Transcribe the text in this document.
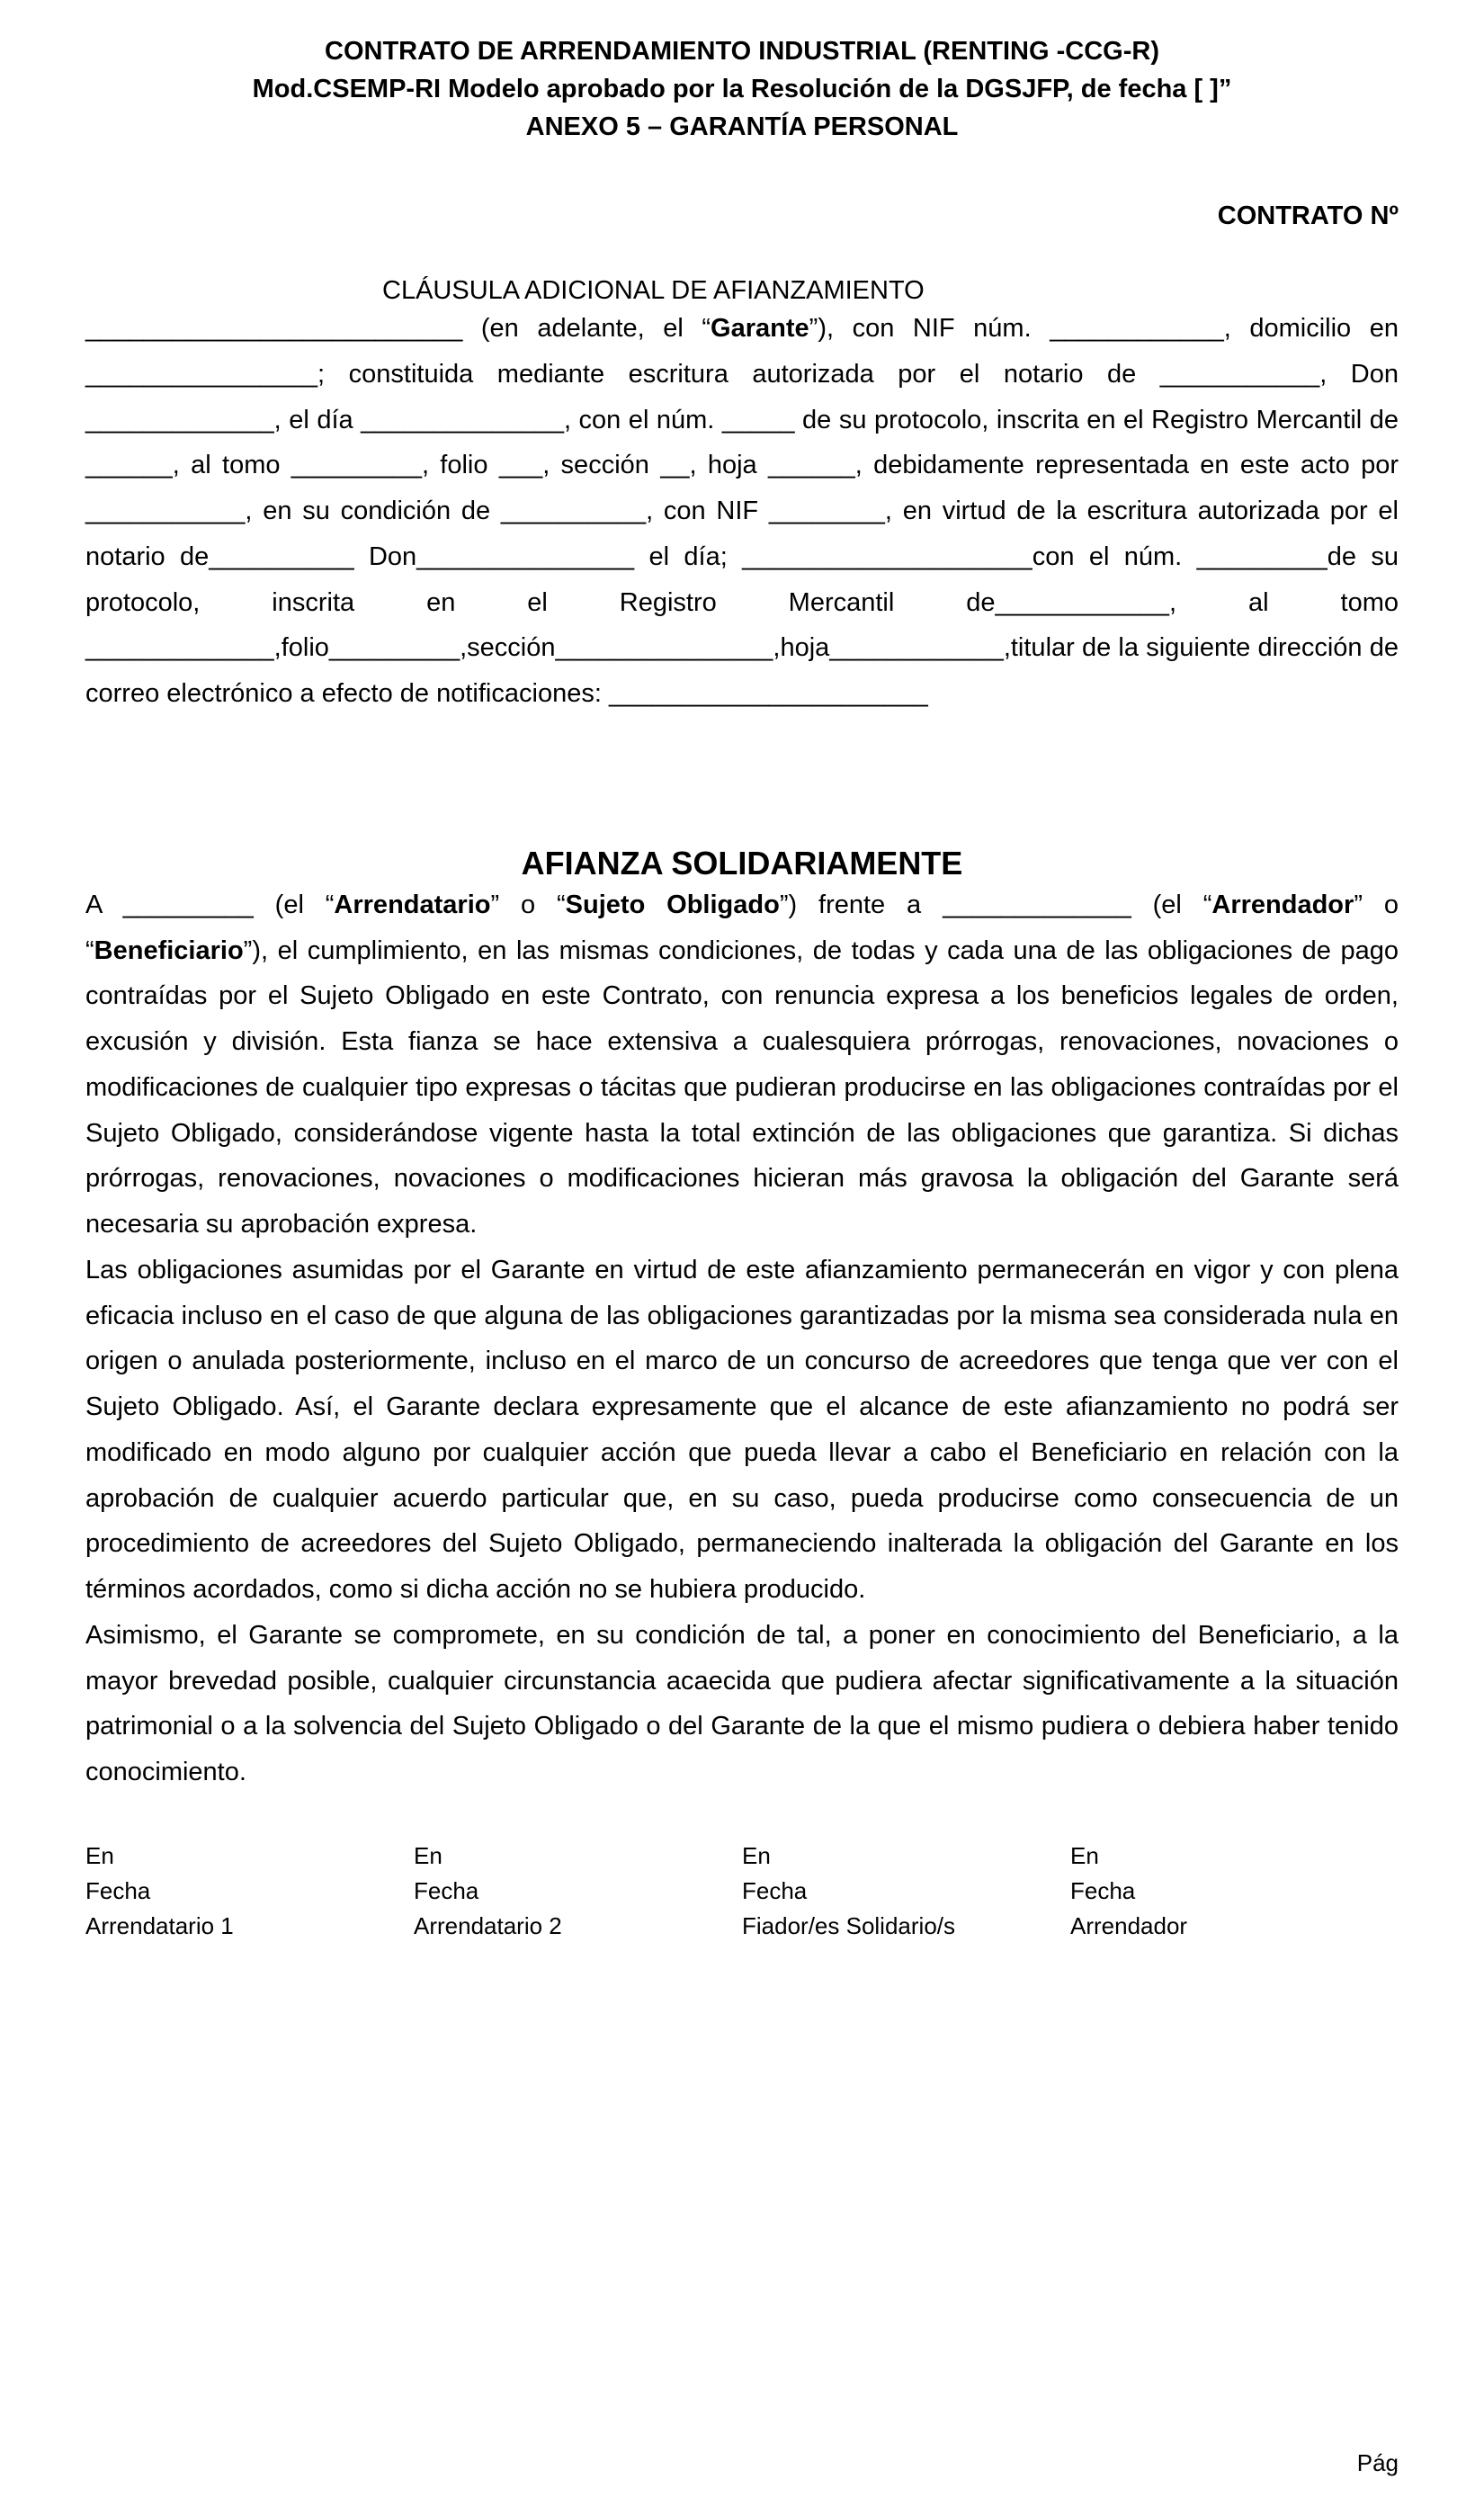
CONTRATO DE ARRENDAMIENTO INDUSTRIAL (RENTING -CCG-R)
Mod.CSEMP-RI Modelo aprobado por la Resolución de la DGSJFP, de fecha [ ]”
ANEXO 5 – GARANTÍA PERSONAL
CONTRATO Nº
CLÁUSULA ADICIONAL DE AFIANZAMIENTO

__________________________ (en adelante, el “Garante”), con NIF núm. ____________, domicilio en ________________; constituida mediante escritura autorizada por el notario de ___________, Don _____________, el día ______________, con el núm. _____ de su protocolo, inscrita en el Registro Mercantil de ______, al tomo _________, folio ___, sección __, hoja ______, debidamente representada en este acto por ___________, en su condición de __________, con NIF ________, en virtud de la escritura autorizada por el notario de__________ Don_______________ el día; ____________________con el núm. _________de su protocolo, inscrita en el Registro Mercantil de____________, al tomo _____________,folio_________,sección_______________,hoja____________,titular de la siguiente dirección de correo electrónico a efecto de notificaciones: ______________________

AFIANZA SOLIDARIAMENTE

A _________ (el “Arrendatario” o “Sujeto Obligado”) frente a _____________ (el “Arrendador” o “Beneficiario”), el cumplimiento, en las mismas condiciones, de todas y cada una de las obligaciones de pago contraídas por el Sujeto Obligado en este Contrato, con renuncia expresa a los beneficios legales de orden, excusión y división. Esta fianza se hace extensiva a cualesquiera prórrogas, renovaciones, novaciones o modificaciones de cualquier tipo expresas o tácitas que pudieran producirse en las obligaciones contraídas por el Sujeto Obligado, considerándose vigente hasta la total extinción de las obligaciones que garantiza. Si dichas prórrogas, renovaciones, novaciones o modificaciones hicieran más gravosa la obligación del Garante será necesaria su aprobación expresa.

Las obligaciones asumidas por el Garante en virtud de este afianzamiento permanecerán en vigor y con plena eficacia incluso en el caso de que alguna de las obligaciones garantizadas por la misma sea considerada nula en origen o anulada posteriormente, incluso en el marco de un concurso de acreedores que tenga que ver con el Sujeto Obligado. Así, el Garante declara expresamente que el alcance de este afianzamiento no podrá ser modificado en modo alguno por cualquier acción que pueda llevar a cabo el Beneficiario en relación con la aprobación de cualquier acuerdo particular que, en su caso, pueda producirse como consecuencia de un procedimiento de acreedores del Sujeto Obligado, permaneciendo inalterada la obligación del Garante en los términos acordados, como si dicha acción no se hubiera producido.

Asimismo, el Garante se compromete, en su condición de tal, a poner en conocimiento del Beneficiario, a la mayor brevedad posible, cualquier circunstancia acaecida que pudiera afectar significativamente a la situación patrimonial o a la solvencia del Sujeto Obligado o del Garante de la que el mismo pudiera o debiera haber tenido conocimiento.

En
Fecha
Arrendatario 1
En
Fecha
Arrendatario 2
En
Fecha
Fiador/es Solidario/s
En
Fecha
Arrendador
Pág
